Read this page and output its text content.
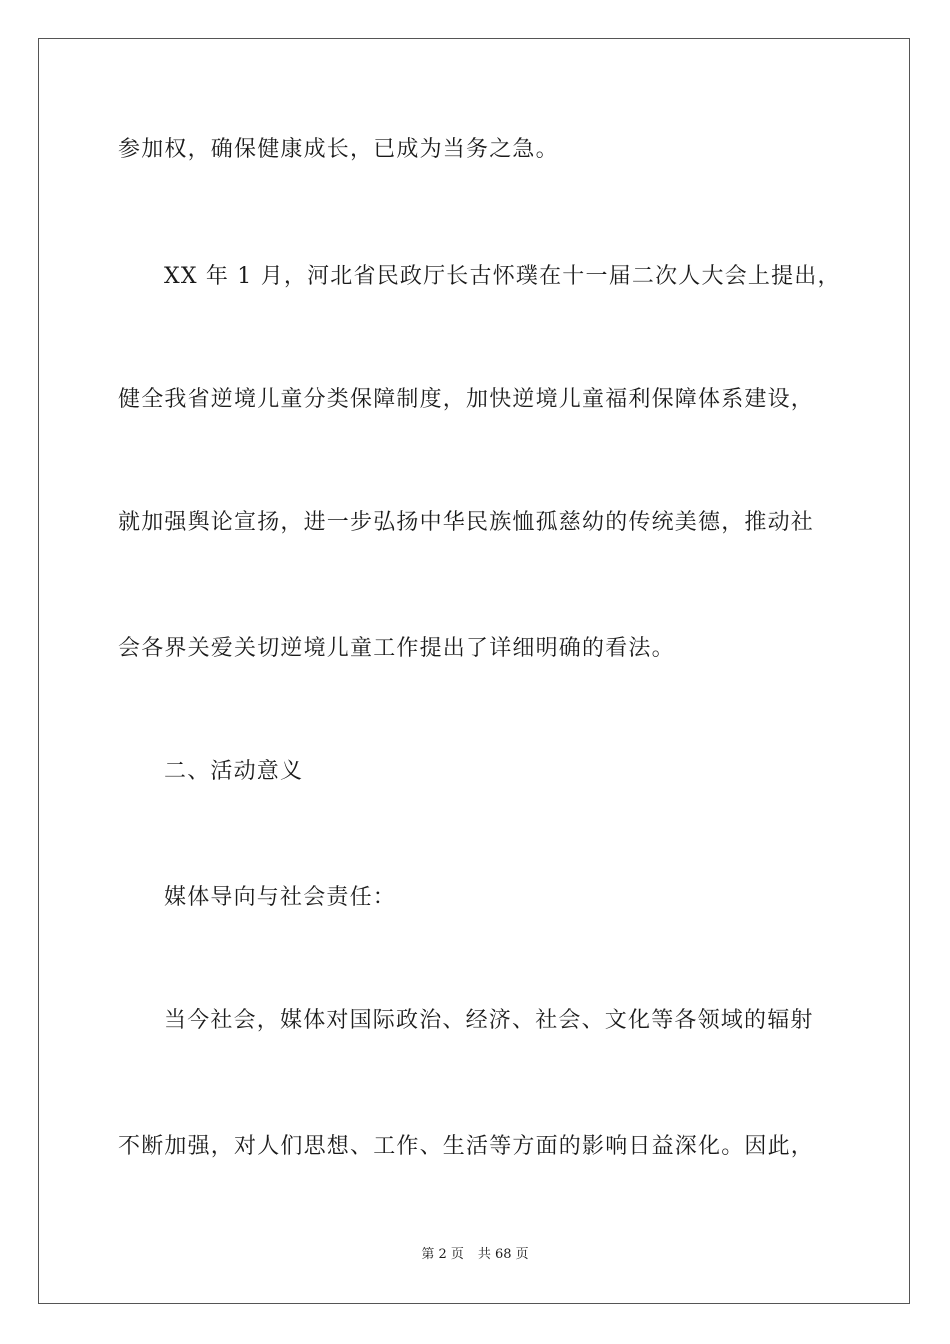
参加权，确保健康成长，已成为当务之急。
XX 年 1 月，河北省民政厅长古怀璞在十一届二次人大会上提出，
健全我省逆境儿童分类保障制度，加快逆境儿童福利保障体系建设，
就加强舆论宣扬，进一步弘扬中华民族恤孤慈幼的传统美德，推动社
会各界关爱关切逆境儿童工作提出了详细明确的看法。
二、活动意义
媒体导向与社会责任：
当今社会，媒体对国际政治、经济、社会、文化等各领域的辐射
不断加强，对人们思想、工作、生活等方面的影响日益深化。因此，
第 2 页 共 68 页
